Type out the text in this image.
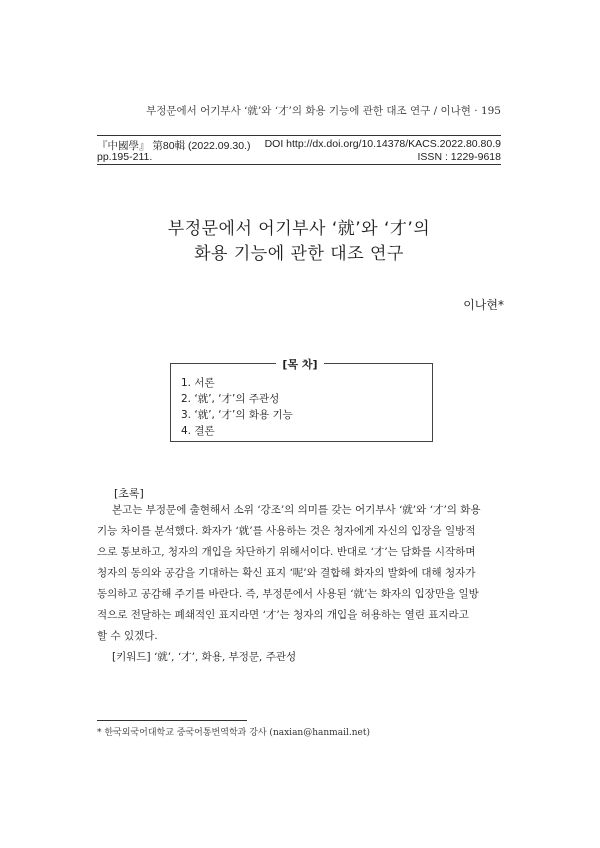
부정문에서 어기부사 ‘就’와 ‘才’의 화용 기능에 관한 대조 연구 / 이나현 · 195
『中國學』 第80輯 (2022.09.30.) DOI http://dx.doi.org/10.14378/KACS.2022.80.80.9
pp.195-211.	ISSN : 1229-9618
부정문에서 어기부사 ‘就’와 ‘才’의
화용 기능에 관한 대조 연구
이나현*
[목 차]
1. 서론
2. ‘就’, ‘才’의 주관성
3. ‘就’, ‘才’의 화용 기능
4. 결론
[초록]
본고는 부정문에 출현해서 소위 ‘강조’의 의미를 갖는 어기부사 ‘就’와 ‘才’의 화용
기능 차이를 분석했다. 화자가 ‘就’를 사용하는 것은 청자에게 자신의 입장을 일방적
으로 통보하고, 청자의 개입을 차단하기 위해서이다. 반대로 ‘才’는 담화를 시작하며
청자의 동의와 공감을 기대하는 확신 표지 ‘呢’와 결합해 화자의 발화에 대해 청자가
동의하고 공감해 주기를 바란다. 즉, 부정문에서 사용된 ‘就’는 화자의 입장만을 일방
적으로 전달하는 폐쇄적인 표지라면 ‘才’는 청자의 개입을 허용하는 열린 표지라고
할 수 있겠다.
[키워드] ‘就’, ‘才’, 화용, 부정문, 주관성
* 한국외국어대학교 중국어통번역학과 강사 (naxian@hanmail.net)
